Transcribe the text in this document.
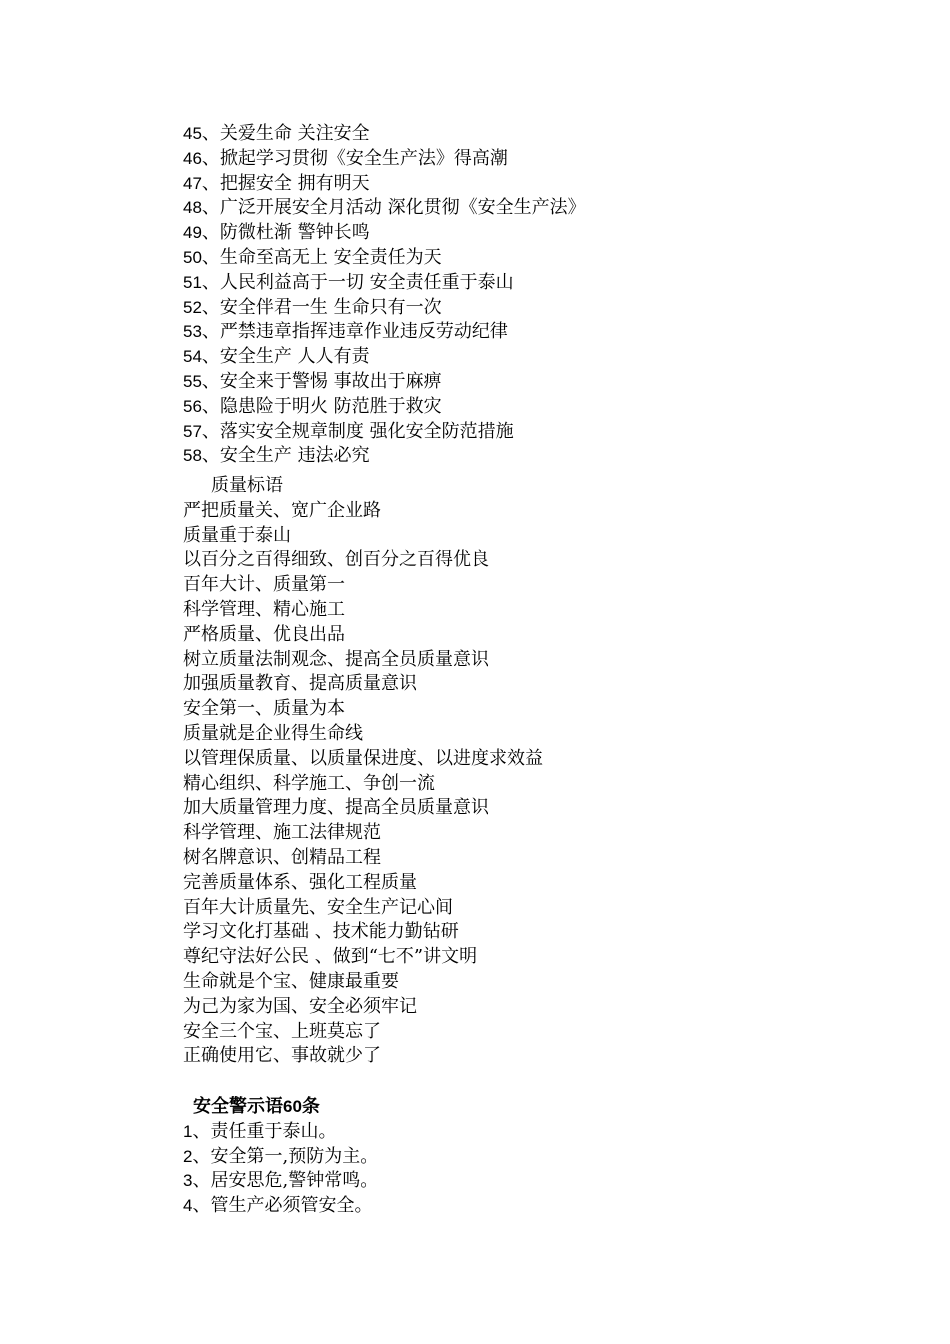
45、关爱生命 关注安全
46、掀起学习贯彻《安全生产法》得高潮
47、把握安全 拥有明天
48、广泛开展安全月活动 深化贯彻《安全生产法》
49、防微杜渐 警钟长鸣
50、生命至高无上 安全责任为天
51、人民利益高于一切 安全责任重于泰山
52、安全伴君一生 生命只有一次
53、严禁违章指挥违章作业违反劳动纪律
54、安全生产 人人有责
55、安全来于警惕 事故出于麻痹
56、隐患险于明火 防范胜于救灾
57、落实安全规章制度 强化安全防范措施
58、安全生产 违法必究
质量标语
严把质量关、宽广企业路
质量重于泰山
以百分之百得细致、创百分之百得优良
百年大计、质量第一
科学管理、精心施工
严格质量、优良出品
树立质量法制观念、提高全员质量意识
加强质量教育、提高质量意识
安全第一、质量为本
质量就是企业得生命线
以管理保质量、以质量保进度、以进度求效益
精心组织、科学施工、争创一流
加大质量管理力度、提高全员质量意识
科学管理、施工法律规范
树名牌意识、创精品工程
完善质量体系、强化工程质量
百年大计质量先、安全生产记心间
学习文化打基础 、技术能力勤钻研
尊纪守法好公民 、做到“七不”讲文明
生命就是个宝、健康最重要
为己为家为国、安全必须牢记
安全三个宝、上班莫忘了
正确使用它、事故就少了
安全警示语60条
1、责任重于泰山。
2、安全第一,预防为主。
3、居安思危,警钟常鸣。
4、管生产必须管安全。
